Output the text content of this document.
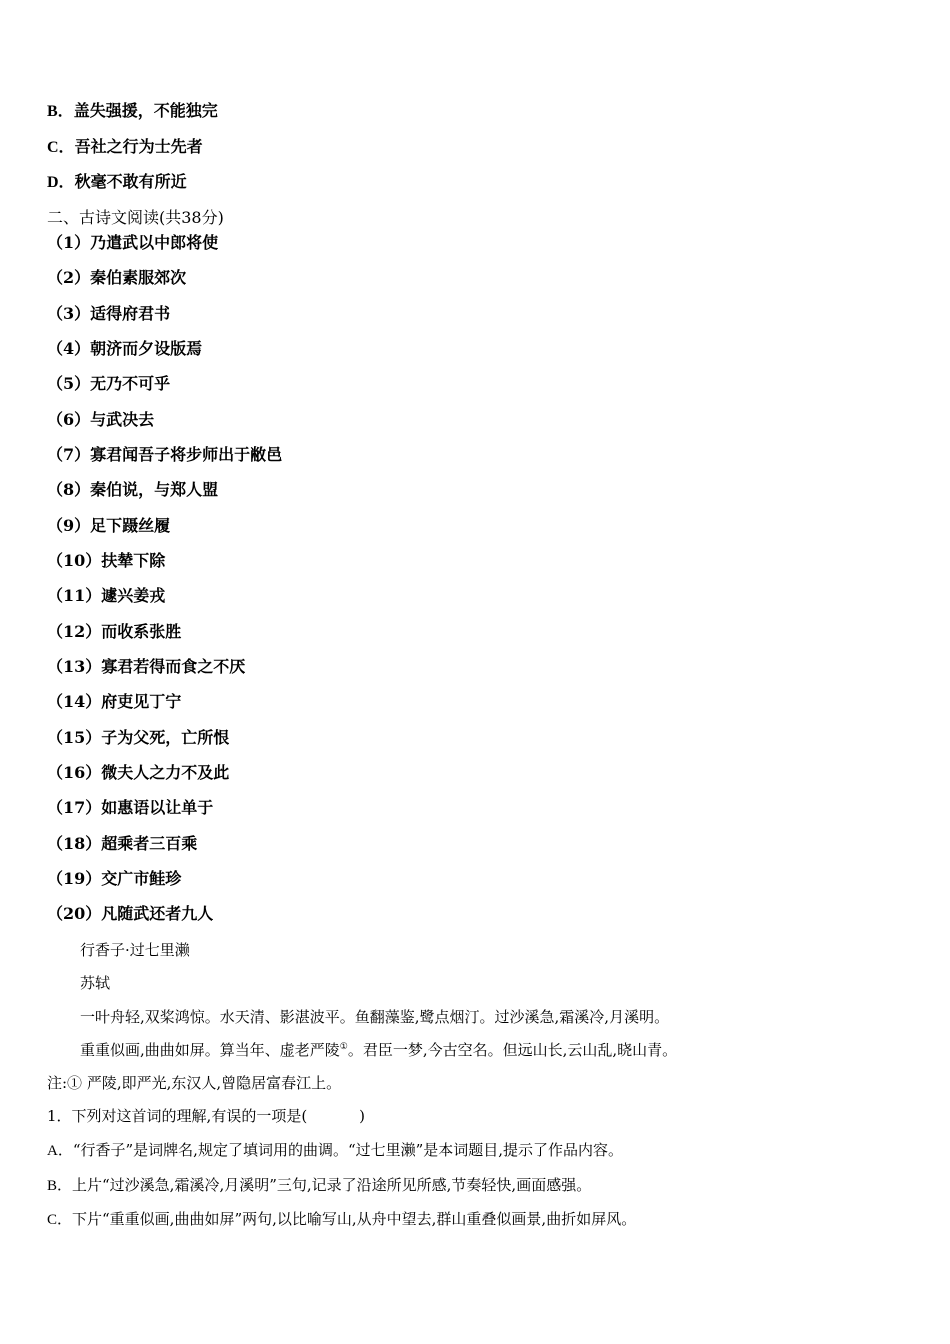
B．盖失强援，不能独完
C．吾社之行为士先者
D．秋毫不敢有所近
二、古诗文阅读(共38分)
（1）乃遣武以中郎将使
（2）秦伯素服郊次
（3）适得府君书
（4）朝济而夕设版焉
（5）无乃不可乎
（6）与武决去
（7）寡君闻吾子将步师出于敝邑
（8）秦伯说，与郑人盟
（9）足下蹑丝履
（10）扶辇下除
（11）遽兴姜戎
（12）而收系张胜
（13）寡君若得而食之不厌
（14）府吏见丁宁
（15）子为父死，亡所恨
（16）微夫人之力不及此
（17）如惠语以让单于
（18）超乘者三百乘
（19）交广市鲑珍
（20）凡随武还者九人
行香子·过七里濑
苏轼
一叶舟轻,双桨鸿惊。水天清、影湛波平。鱼翻藻鉴,鹭点烟汀。过沙溪急,霜溪冷,月溪明。
重重似画,曲曲如屏。算当年、虚老严陵①。君臣一梦,今古空名。但远山长,云山乱,晓山青。
注:① 严陵,即严光,东汉人,曾隐居富春江上。
1．下列对这首词的理解,有误的一项是(	)
A．“行香子”是词牌名,规定了填词用的曲调。“过七里濑”是本词题目,提示了作品内容。
B．上片“过沙溪急,霜溪冷,月溪明”三句,记录了沿途所见所感,节奏轻快,画面感强。
C．下片“重重似画,曲曲如屏”两句,以比喻写山,从舟中望去,群山重叠似画景,曲折如屏风。
